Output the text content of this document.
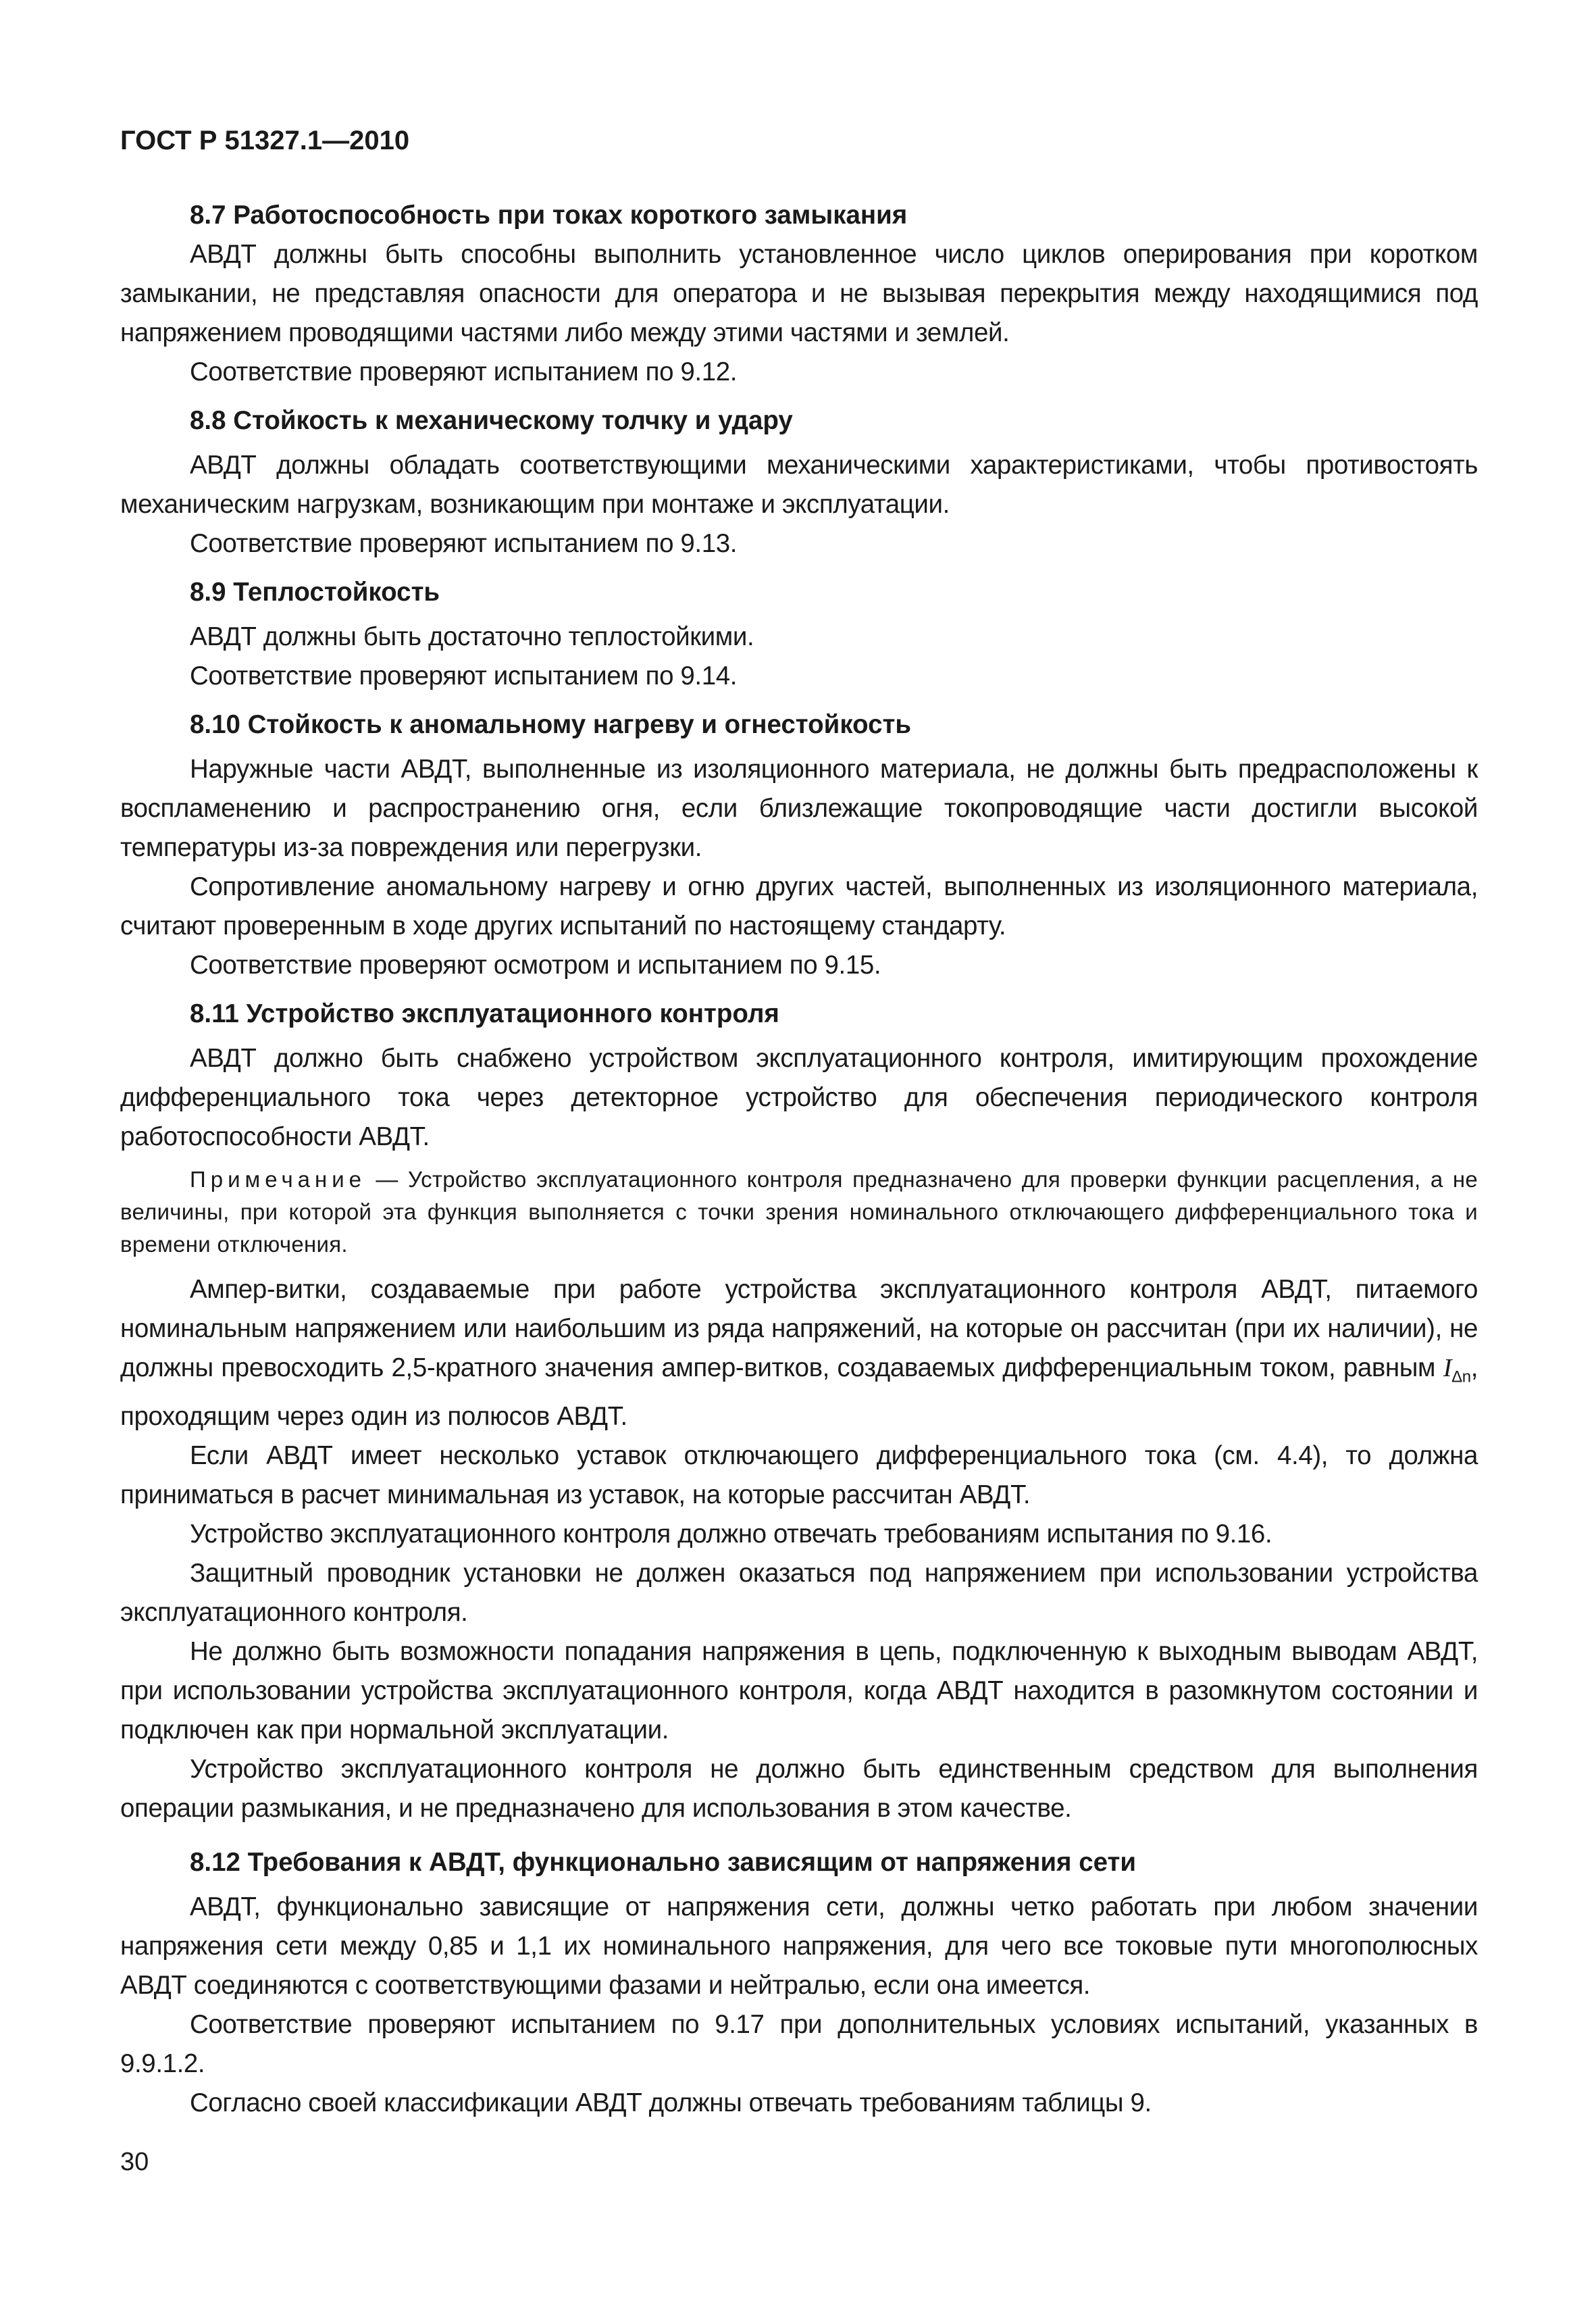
ГОСТ Р 51327.1—2010

8.7 Работоспособность при токах короткого замыкания

АВДТ должны быть способны выполнить установленное число циклов оперирования при коротком замыкании, не представляя опасности для оператора и не вызывая перекрытия между находящимися под напряжением проводящими частями либо между этими частями и землей.

Соответствие проверяют испытанием по 9.12.

8.8 Стойкость к механическому толчку и удару

АВДТ должны обладать соответствующими механическими характеристиками, чтобы противостоять механическим нагрузкам, возникающим при монтаже и эксплуатации.

Соответствие проверяют испытанием по 9.13.

8.9 Теплостойкость

АВДТ должны быть достаточно теплостойкими.

Соответствие проверяют испытанием по 9.14.

8.10 Стойкость к аномальному нагреву и огнестойкость

Наружные части АВДТ, выполненные из изоляционного материала, не должны быть предрасположены к воспламенению и распространению огня, если близлежащие токопроводящие части достигли высокой температуры из-за повреждения или перегрузки.

Сопротивление аномальному нагреву и огню других частей, выполненных из изоляционного материала, считают проверенным в ходе других испытаний по настоящему стандарту.

Соответствие проверяют осмотром и испытанием по 9.15.

8.11 Устройство эксплуатационного контроля

АВДТ должно быть снабжено устройством эксплуатационного контроля, имитирующим прохождение дифференциального тока через детекторное устройство для обеспечения периодического контроля работоспособности АВДТ.

Примечание — Устройство эксплуатационного контроля предназначено для проверки функции расцепления, а не величины, при которой эта функция выполняется с точки зрения номинального отключающего дифференциального тока и времени отключения.

Ампер-витки, создаваемые при работе устройства эксплуатационного контроля АВДТ, питаемого номинальным напряжением или наибольшим из ряда напряжений, на которые он рассчитан (при их наличии), не должны превосходить 2,5-кратного значения ампер-витков, создаваемых дифференциальным током, равным $I_{\Delta n}$, проходящим через один из полюсов АВДТ.

Если АВДТ имеет несколько уставок отключающего дифференциального тока (см. 4.4), то должна приниматься в расчет минимальная из уставок, на которые рассчитан АВДТ.

Устройство эксплуатационного контроля должно отвечать требованиям испытания по 9.16.

Защитный проводник установки не должен оказаться под напряжением при использовании устройства эксплуатационного контроля.

Не должно быть возможности попадания напряжения в цепь, подключенную к выходным выводам АВДТ, при использовании устройства эксплуатационного контроля, когда АВДТ находится в разомкнутом состоянии и подключен как при нормальной эксплуатации.

Устройство эксплуатационного контроля не должно быть единственным средством для выполнения операции размыкания, и не предназначено для использования в этом качестве.

8.12 Требования к АВДТ, функционально зависящим от напряжения сети

АВДТ, функционально зависящие от напряжения сети, должны четко работать при любом значении напряжения сети между 0,85 и 1,1 их номинального напряжения, для чего все токовые пути многополюсных АВДТ соединяются с соответствующими фазами и нейтралью, если она имеется.

Соответствие проверяют испытанием по 9.17 при дополнительных условиях испытаний, указанных в 9.9.1.2.

Согласно своей классификации АВДТ должны отвечать требованиям таблицы 9.

30
